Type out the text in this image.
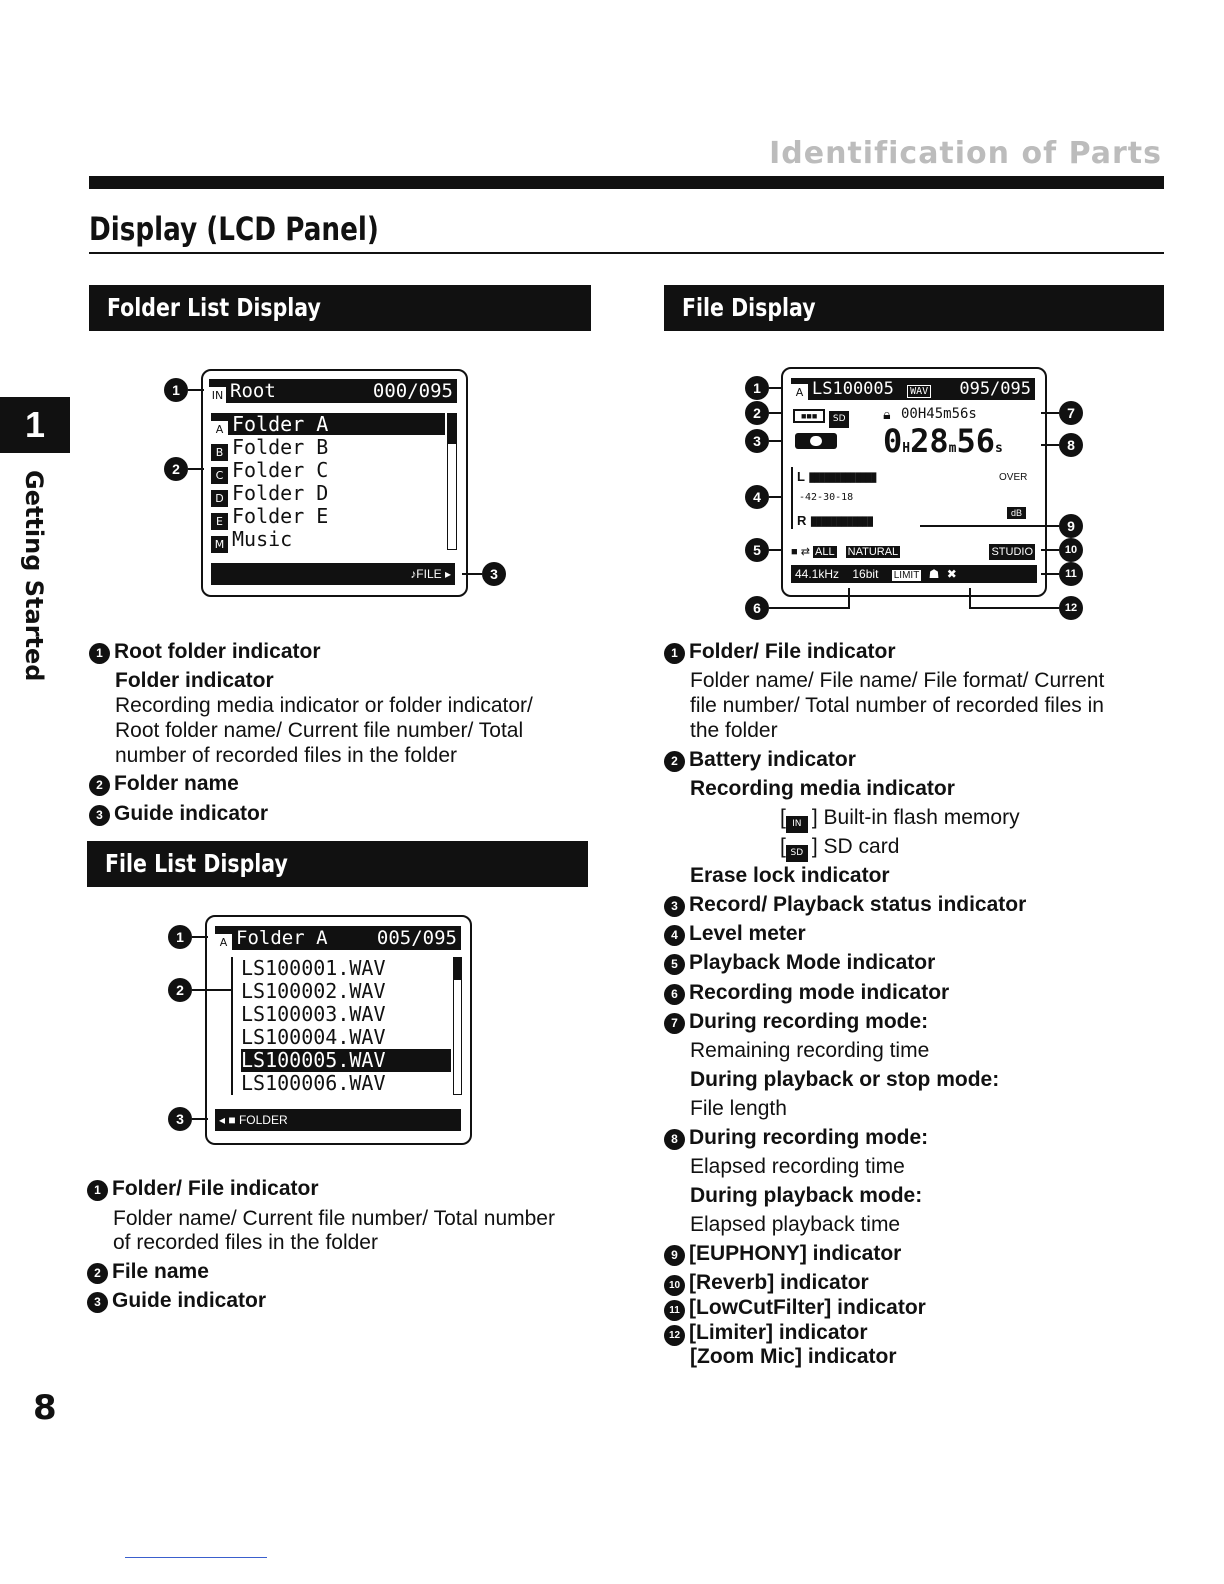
Identification of Parts
Display (LCD Panel)
1
Getting Started
Folder List Display
IN Root	000/095
A Folder A
B Folder B
C Folder C
D Folder D
E Folder E
M Music
♪FILE ▸
1
2
3
1 Root folder indicator
Folder indicator
Recording media indicator or folder indicator/
Root folder name/ Current file number/ Total
number of recorded files in the folder
2 Folder name
3 Guide indicator
File List Display
A Folder A	005/095
LS100001.WAV
LS100002.WAV
LS100003.WAV
LS100004.WAV
LS100005.WAV
LS100006.WAV
◂ ■ FOLDER
1
2
3
1 Folder/ File indicator
Folder name/ Current file number/ Total number
of recorded files in the folder
2 File name
3 Guide indicator
File Display
A LS100005 WAV 095/095
■■■ SD	🔒︎ 00H45m56s
0H28m56s
L ▮▮▮▮▮▮▮▮▮▮▮▮▮	OVER
-42-30-18
dB
R ▮▮▮▮▮▮▮▮▮▮▮▮
■ ⇄ ALL NATURAL	STUDIO
44.1kHz 16bit LIMIT ☗ ✖
1
2
3
4
5
6
7
8
9
10
11
12
1 Folder/ File indicator
Folder name/ File name/ File format/ Current
file number/ Total number of recorded files in
the folder
2 Battery indicator
Recording media indicator
[ IN ] Built-in flash memory
[ SD ] SD card
Erase lock indicator
3 Record/ Playback status indicator
4 Level meter
5 Playback Mode indicator
6 Recording mode indicator
7 During recording mode:
Remaining recording time
During playback or stop mode:
File length
8 During recording mode:
Elapsed recording time
During playback mode:
Elapsed playback time
9 [EUPHONY] indicator
10 [Reverb] indicator
11 [LowCutFilter] indicator
12 [Limiter] indicator
[Zoom Mic] indicator
8
